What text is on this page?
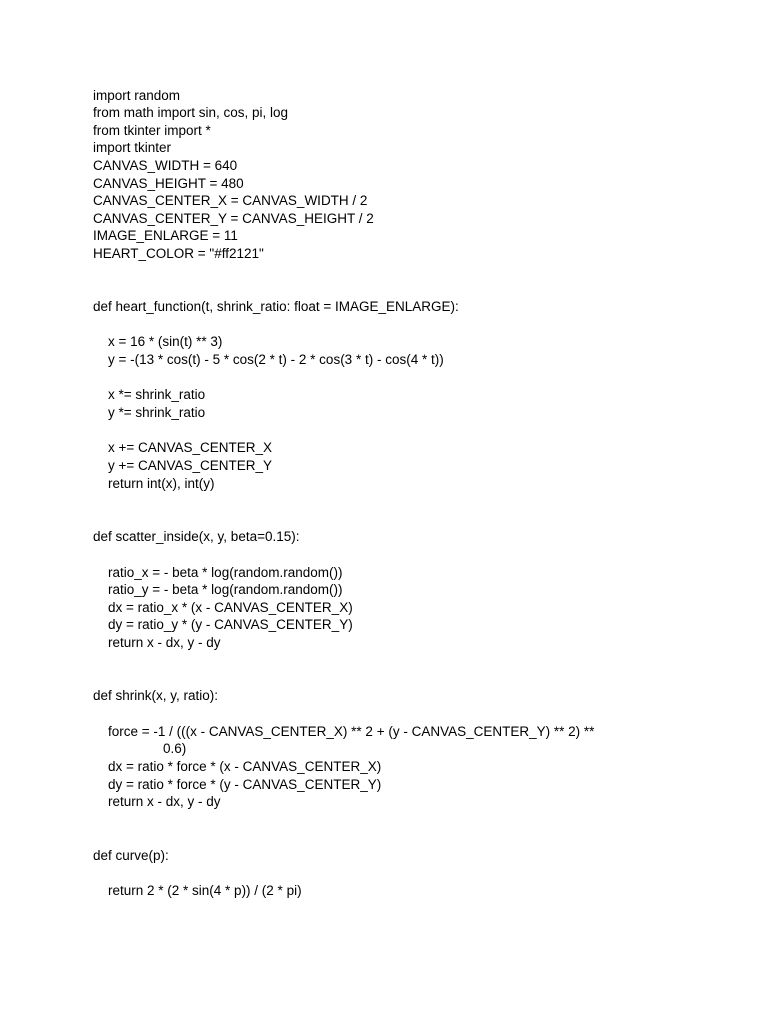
import random
from math import sin, cos, pi, log
from tkinter import *
import tkinter
CANVAS_WIDTH = 640
CANVAS_HEIGHT = 480
CANVAS_CENTER_X = CANVAS_WIDTH / 2
CANVAS_CENTER_Y = CANVAS_HEIGHT / 2
IMAGE_ENLARGE = 11
HEART_COLOR = "#ff2121"
def heart_function(t, shrink_ratio: float = IMAGE_ENLARGE):
x = 16 * (sin(t) ** 3)
y = -(13 * cos(t) - 5 * cos(2 * t) - 2 * cos(3 * t) - cos(4 * t))
x *= shrink_ratio
y *= shrink_ratio
x += CANVAS_CENTER_X
y += CANVAS_CENTER_Y
return int(x), int(y)
def scatter_inside(x, y, beta=0.15):
ratio_x = - beta * log(random.random())
ratio_y = - beta * log(random.random())
dx = ratio_x * (x - CANVAS_CENTER_X)
dy = ratio_y * (y - CANVAS_CENTER_Y)
return x - dx, y - dy
def shrink(x, y, ratio):
force = -1 / (((x - CANVAS_CENTER_X) ** 2 + (y - CANVAS_CENTER_Y) ** 2) **
0.6)
dx = ratio * force * (x - CANVAS_CENTER_X)
dy = ratio * force * (y - CANVAS_CENTER_Y)
return x - dx, y - dy
def curve(p):
return 2 * (2 * sin(4 * p)) / (2 * pi)
